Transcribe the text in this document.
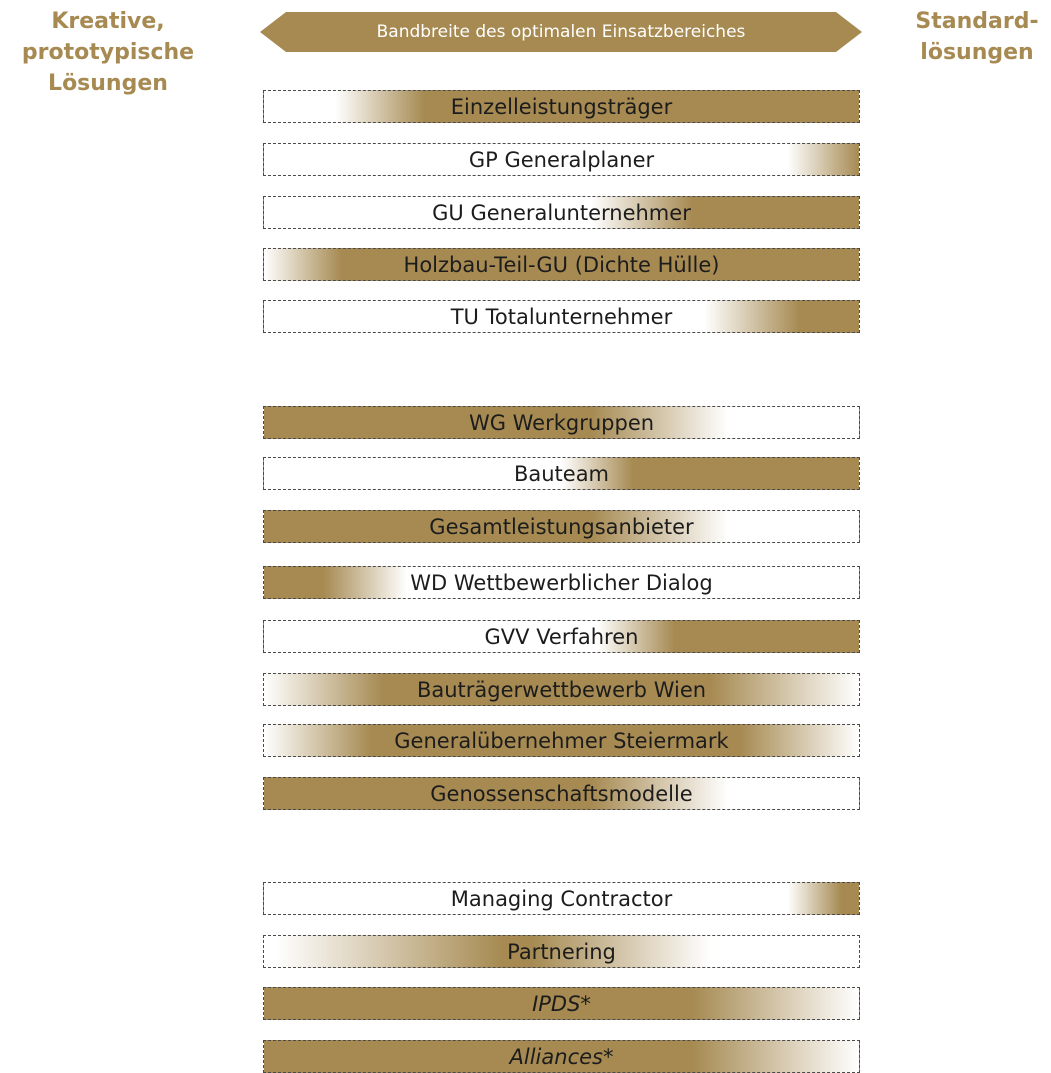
Kreative,
prototypische
Lösungen
Standard-
lösungen
Bandbreite des optimalen Einsatzbereiches
Einzelleistungsträger
GP Generalplaner
GU Generalunternehmer
Holzbau-Teil-GU (Dichte Hülle)
TU Totalunternehmer
WG Werkgruppen
Bauteam
Gesamtleistungsanbieter
WD Wettbewerblicher Dialog
GVV Verfahren
Bauträgerwettbewerb Wien
Generalübernehmer Steiermark
Genossenschaftsmodelle
Managing Contractor
Partnering
IPDS*
Alliances*
